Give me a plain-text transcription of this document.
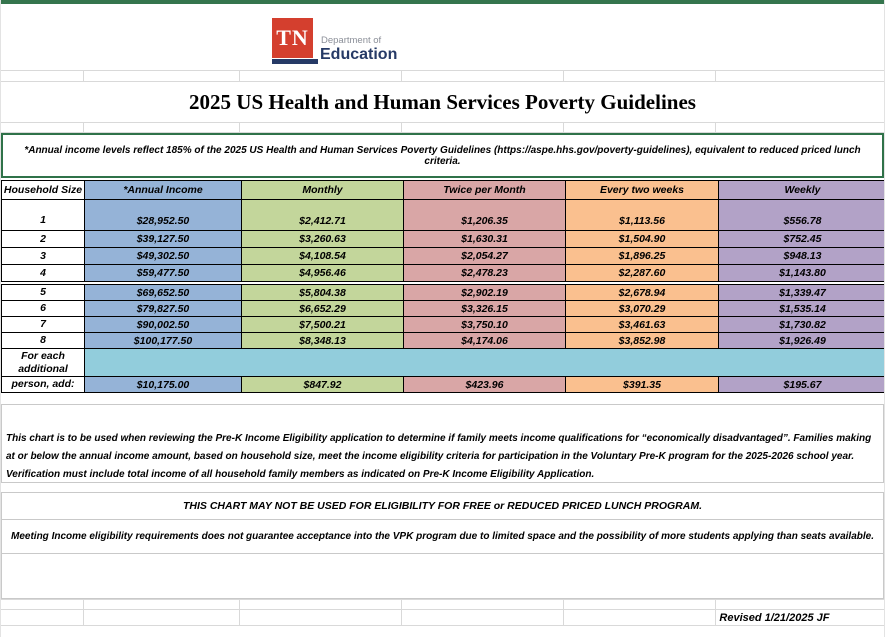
TN	Department of
Education
2025 US Health and Human Services Poverty Guidelines
*Annual income levels reflect 185% of the 2025 US Health and Human Services Poverty Guidelines (https://aspe.hhs.gov/poverty-guidelines), equivalent to reduced priced lunch criteria.
Household Size	*Annual Income	Monthly	Twice per Month	Every two weeks	Weekly
1	$28,952.50	$2,412.71	$1,206.35	$1,113.56	$556.78
2	$39,127.50	$3,260.63	$1,630.31	$1,504.90	$752.45
3	$49,302.50	$4,108.54	$2,054.27	$1,896.25	$948.13
4	$59,477.50	$4,956.46	$2,478.23	$2,287.60	$1,143.80

5	$69,652.50	$5,804.38	$2,902.19	$2,678.94	$1,339.47
6	$79,827.50	$6,652.29	$3,326.15	$3,070.29	$1,535.14
7	$90,002.50	$7,500.21	$3,750.10	$3,461.63	$1,730.82
8	$100,177.50	$8,348.13	$4,174.06	$3,852.98	$1,926.49

For each
additional					

person, add:	$10,175.00	$847.92	$423.96	$391.35	$195.67
This chart is to be used when reviewing the Pre-K Income Eligibility application to determine if family meets income qualifications for “economically disadvantaged”. Families making at or below the annual income amount, based on household size, meet the income eligibility criteria for participation in the Voluntary Pre-K program for the 2025-2026 school year. Verification must include total income of all household family members as indicated on Pre-K Income Eligibility Application.
THIS CHART MAY NOT BE USED FOR ELIGIBILITY FOR FREE or REDUCED PRICED LUNCH PROGRAM.
Meeting Income eligibility requirements does not guarantee acceptance into the VPK program due to limited space and the possibility of more students applying than seats available.
Revised 1/21/2025 JF
